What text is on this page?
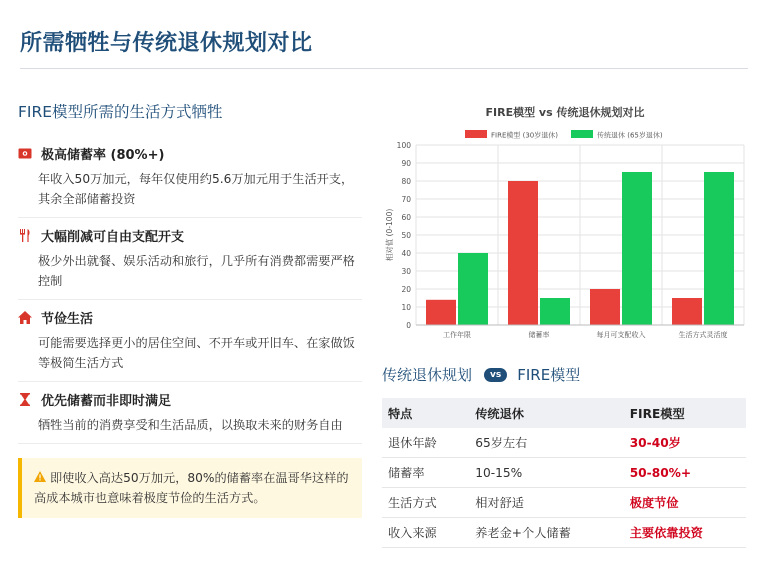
所需牺牲与传统退休规划对比
FIRE模型所需的生活方式牺牲
极高储蓄率 (80%+)
年收入50万加元，每年仅使用约5.6万加元用于生活开支，其余全部储蓄投资
大幅削减可自由支配开支
极少外出就餐、娱乐活动和旅行，几乎所有消费都需要严格控制
节俭生活
可能需要选择更小的居住空间、不开车或开旧车、在家做饭等极简生活方式
优先储蓄而非即时满足
牺牲当前的消费享受和生活品质，以换取未来的财务自由
即使收入高达50万加元，80%的储蓄率在温哥华这样的高成本城市也意味着极度节俭的生活方式。
FIRE模型 vs 传统退休规划对比
FIRE模型 (30岁退休)	传统退休 (65岁退休)
0
10
20
30
40
50
60
70
80
90
100
相对值 (0-100)
工作年限	储蓄率	每月可支配收入	生活方式灵活度
传统退休规划	vs	FIRE模型
特点	传统退休	FIRE模型
退休年龄	65岁左右	30-40岁
储蓄率	10-15%	50-80%+
生活方式	相对舒适	极度节俭
收入来源	养老金+个人储蓄	主要依靠投资
